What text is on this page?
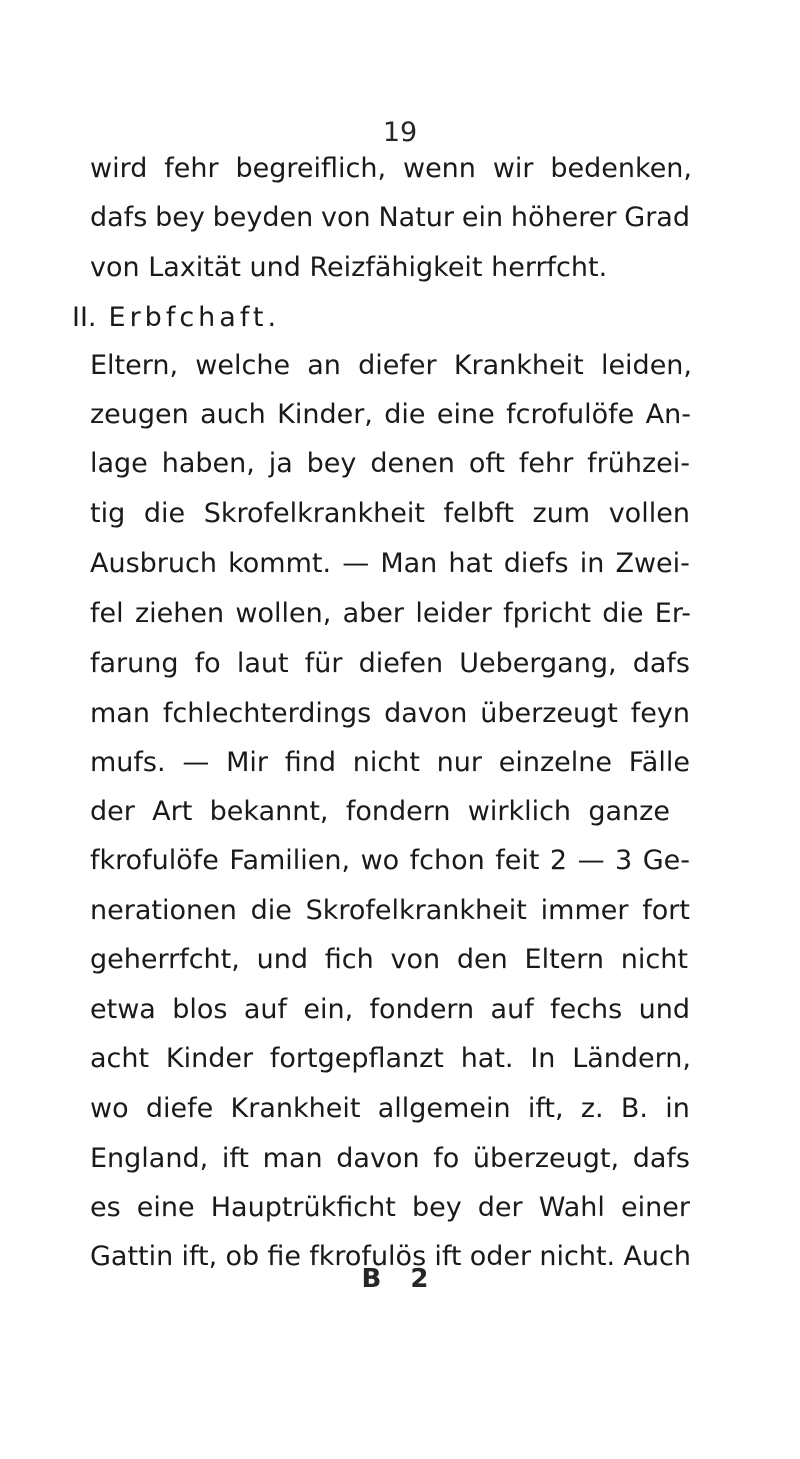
19
wird fehr begreiflich, wenn wir bedenken,
dafs bey beyden von Natur ein höherer Grad
von Laxität und Reizfähigkeit herrfcht.
II. Erbfchaft.
Eltern, welche an diefer Krankheit leiden,
zeugen auch Kinder, die eine fcrofulöfe An-
lage haben, ja bey denen oft fehr frühzei-
tig die Skrofelkrankheit felbft zum vollen
Ausbruch kommt. — Man hat diefs in Zwei-
fel ziehen wollen, aber leider fpricht die Er-
farung fo laut für diefen Uebergang, dafs
man fchlechterdings davon überzeugt feyn
mufs. — Mir find nicht nur einzelne Fälle
der Art bekannt, fondern wirklich ganze
fkrofulöfe Familien, wo fchon feit 2 — 3 Ge-
nerationen die Skrofelkrankheit immer fort
geherrfcht, und fich von den Eltern nicht
etwa blos auf ein, fondern auf fechs und
acht Kinder fortgepflanzt hat. In Ländern,
wo diefe Krankheit allgemein ift, z. B. in
England, ift man davon fo überzeugt, dafs
es eine Hauptrükficht bey der Wahl einer
Gattin ift, ob fie fkrofulös ift oder nicht. Auch
B 2
